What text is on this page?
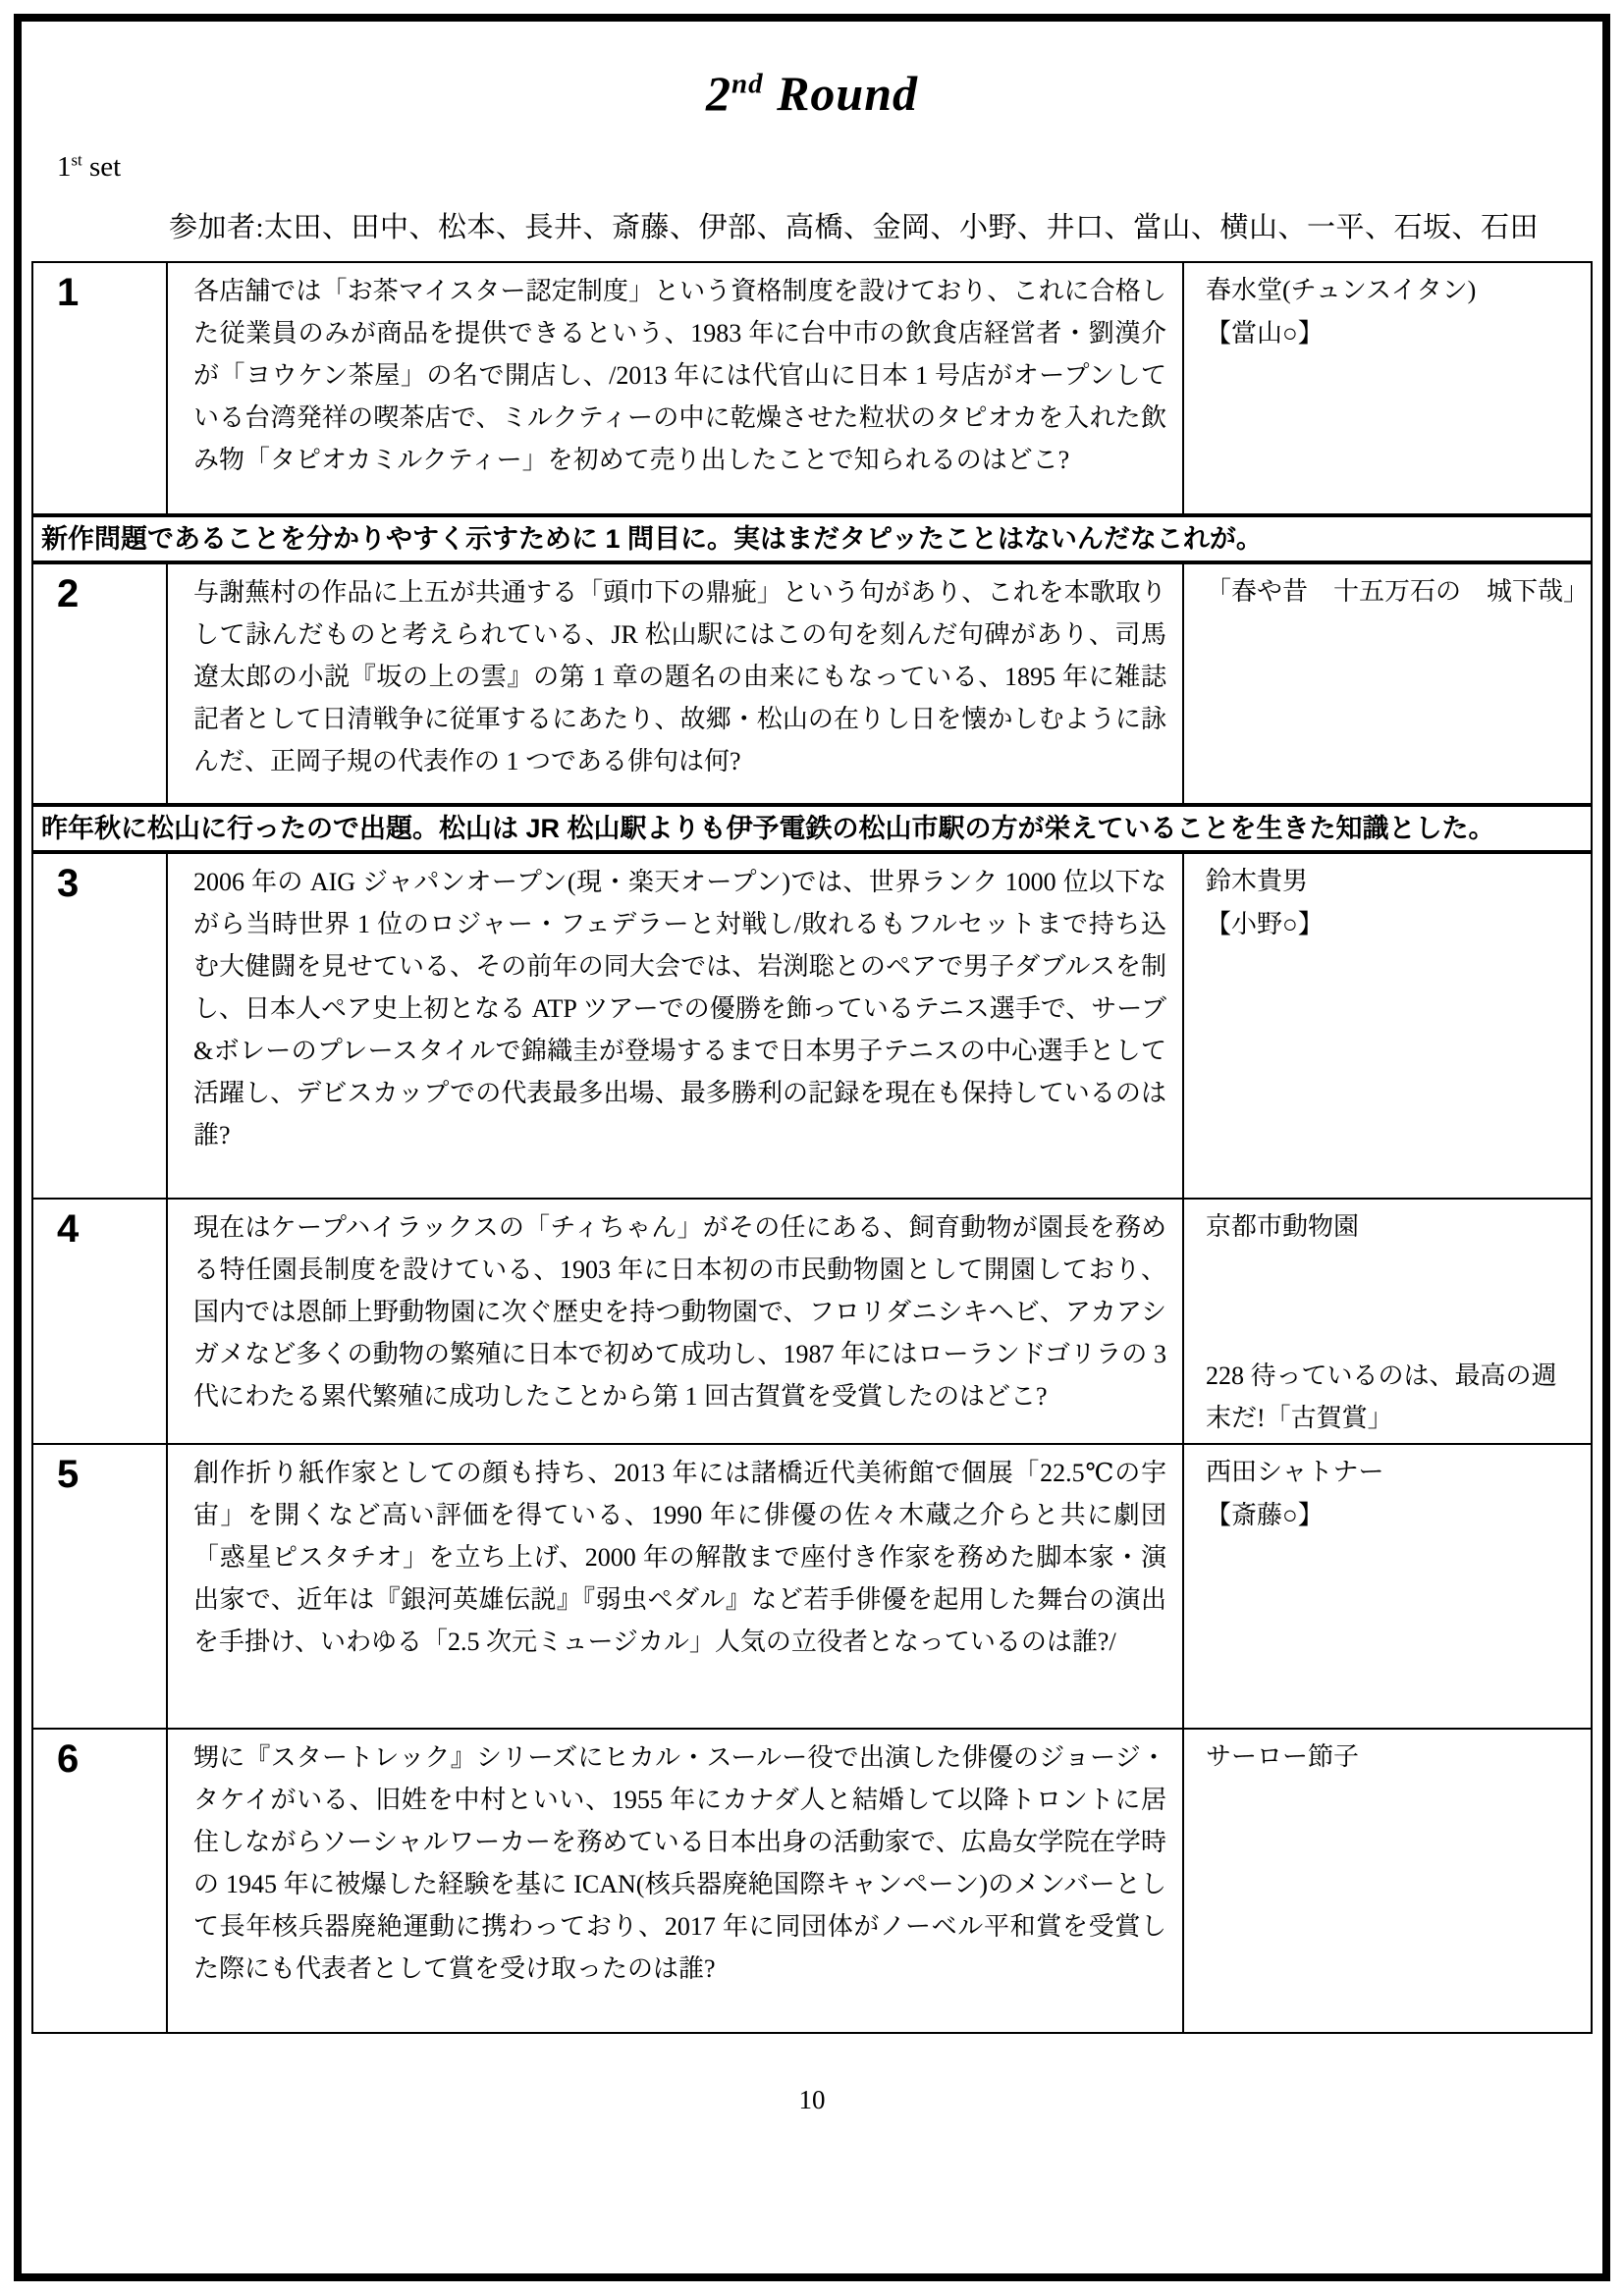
2nd Round
1st set
参加者:太田、田中、松本、長井、斎藤、伊部、高橋、金岡、小野、井口、當山、横山、一平、石坂、石田
1	各店舗では「お茶マイスター認定制度」という資格制度を設けており、これに合格した従業員のみが商品を提供できるという、1983 年に台中市の飲食店経営者・劉漢介が「ヨウケン茶屋」の名で開店し、/2013 年には代官山に日本 1 号店がオープンしている台湾発祥の喫茶店で、ミルクティーの中に乾燥させた粒状のタピオカを入れた飲み物「タピオカミルクティー」を初めて売り出したことで知られるのはどこ?	春水堂(チュンスイタン)
【當山○】

新作問題であることを分かりやすく示すために 1 問目に。実はまだタピッたことはないんだなこれが。		
2	与謝蕪村の作品に上五が共通する「頭巾下の鼎疵」という句があり、これを本歌取りして詠んだものと考えられている、JR 松山駅にはこの句を刻んだ句碑があり、司馬遼太郎の小説『坂の上の雲』の第 1 章の題名の由来にもなっている、1895 年に雑誌記者として日清戦争に従軍するにあたり、故郷・松山の在りし日を懐かしむように詠んだ、正岡子規の代表作の 1 つである俳句は何?	「春や昔　十五万石の　城下哉」

昨年秋に松山に行ったので出題。松山は JR 松山駅よりも伊予電鉄の松山市駅の方が栄えていることを生きた知識とした。		
3	2006 年の AIG ジャパンオープン(現・楽天オープン)では、世界ランク 1000 位以下ながら当時世界 1 位のロジャー・フェデラーと対戦し/敗れるもフルセットまで持ち込む大健闘を見せている、その前年の同大会では、岩渕聡とのペアで男子ダブルスを制し、日本人ペア史上初となる ATP ツアーでの優勝を飾っているテニス選手で、サーブ&ボレーのプレースタイルで錦織圭が登場するまで日本男子テニスの中心選手として活躍し、デビスカップでの代表最多出場、最多勝利の記録を現在も保持しているのは誰?	鈴木貴男
【小野○】

4	現在はケープハイラックスの「チィちゃん」がその任にある、飼育動物が園長を務める特任園長制度を設けている、1903 年に日本初の市民動物園として開園しており、国内では恩師上野動物園に次ぐ歴史を持つ動物園で、フロリダニシキヘビ、アカアシガメなど多くの動物の繁殖に日本で初めて成功し、1987 年にはローランドゴリラの 3 代にわたる累代繁殖に成功したことから第 1 回古賀賞を受賞したのはどこ?	京都市動物園
228 待っているのは、最高の週末だ!「古賀賞」

5	創作折り紙作家としての顔も持ち、2013 年には諸橋近代美術館で個展「22.5℃の宇宙」を開くなど高い評価を得ている、1990 年に俳優の佐々木蔵之介らと共に劇団「惑星ピスタチオ」を立ち上げ、2000 年の解散まで座付き作家を務めた脚本家・演出家で、近年は『銀河英雄伝説』『弱虫ペダル』など若手俳優を起用した舞台の演出を手掛け、いわゆる「2.5 次元ミュージカル」人気の立役者となっているのは誰?/	西田シャトナー
【斎藤○】

6	甥に『スタートレック』シリーズにヒカル・スールー役で出演した俳優のジョージ・タケイがいる、旧姓を中村といい、1955 年にカナダ人と結婚して以降トロントに居住しながらソーシャルワーカーを務めている日本出身の活動家で、広島女学院在学時の 1945 年に被爆した経験を基に ICAN(核兵器廃絶国際キャンペーン)のメンバーとして長年核兵器廃絶運動に携わっており、2017 年に同団体がノーベル平和賞を受賞した際にも代表者として賞を受け取ったのは誰?	サーロー節子
10
